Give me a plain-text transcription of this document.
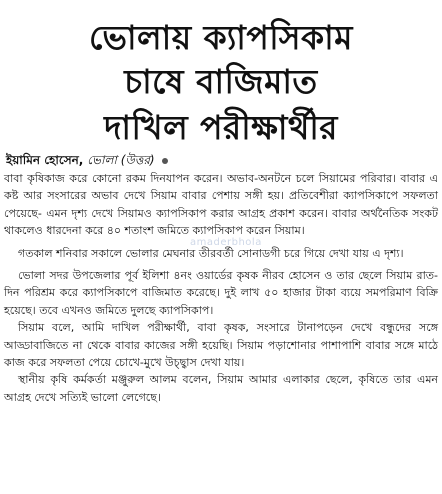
ভোলায় ক্যাপসিকাম
চাষে বাজিমাত
দাখিল পরীক্ষার্থীর
ইয়ামিন হোসেন, ভোলা (উত্তর)

বাবা কৃষিকাজ করে কোনো রকম দিনযাপন করেন। অভাব-অনটনে চলে সিয়ামের পরিবার। বাবার এ কষ্ট আর সংসারের অভাব দেখে সিয়াম বাবার পেশায় সঙ্গী হয়। প্রতিবেশীরা ক্যাপসিকাপে সফলতা পেয়েছে- এমন দৃশ্য দেখে সিয়ামও ক্যাপসিকাপ করার আগ্রহ প্রকাশ করেন। বাবার অর্থনৈতিক সংকট থাকলেও ধারদেনা করে ৪০ শতাংশ জমিতে ক্যাপসিকাপ করেন সিয়াম।

গতকাল শনিবার সকালে ভোলার মেঘনার তীরবর্তী সোনাডগী চরে গিয়ে দেখা যায় এ দৃশ্য।

ভোলা সদর উপজেলার পূর্ব ইলিশা ৪নং ওয়ার্ডের কৃষক নীরব হোসেন ও তার ছেলে সিয়াম রাত-দিন পরিশ্রম করে ক্যাপসিকাপে বাজিমাত করেছে। দুই লাখ ৫০ হাজার টাকা ব্যয়ে সমপরিমাণ বিক্রি হয়েছে। তবে এখনও জমিতে দুলছে ক্যাপসিকাপ।

সিয়াম বলে, আমি দাখিল পরীক্ষার্থী, বাবা কৃষক, সংসারে টানাপড়েন দেখে বন্ধুদের সঙ্গে আড্ডাবাজিতে না থেকে বাবার কাজের সঙ্গী হয়েছি। সিয়াম পড়াশোনার পাশাপাশি বাবার সঙ্গে মাঠে কাজ করে সফলতা পেয়ে চোখে-মুখে উচ্ছ্বাস দেখা যায়।

স্থানীয় কৃষি কর্মকর্তা মঞ্জুরুল আলম বলেন, সিয়াম আমার এলাকার ছেলে, কৃষিতে তার এমন আগ্রহ দেখে সত্যিই ভালো লেগেছে।

amaderbhola
